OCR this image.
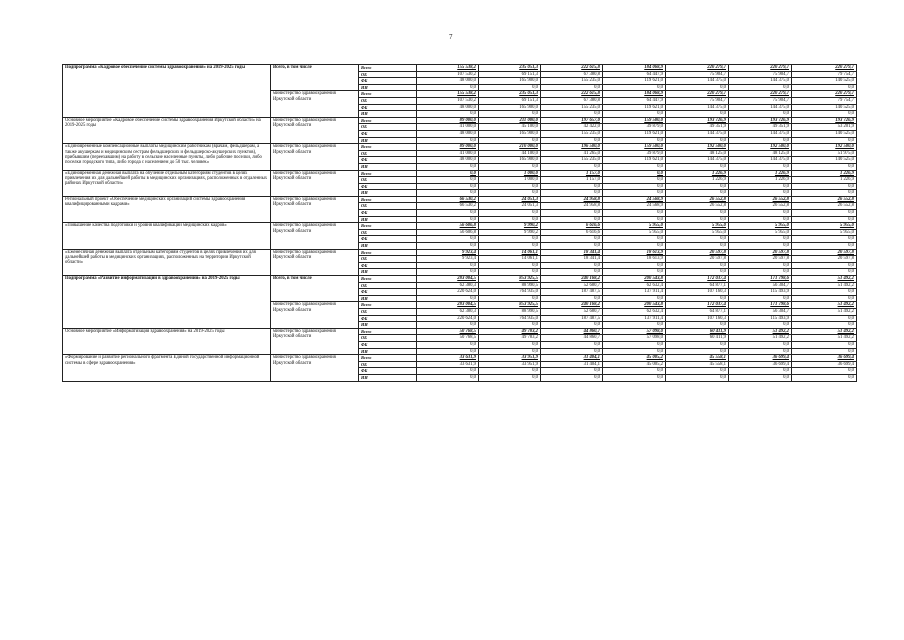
7
Подпрограмма «Кадровое обеспечение системы здравоохранения» на 2019-2025 годы	Всего, в том числе	Всего	155 538,2	235 051,3	222 615,8	184 068,9	220 279,7	220 279,7	220 279,7
		ОБ	107 530,2	69 151,3	67 380,8	64 447,9	75 904,7	75 904,7	79 754,7
		ФБ	48 000,0	165 900,0	155 235,0	119 621,0	144 375,0	144 375,0	140 525,0
		ИИ	0,0	0,0	0,0	0,0	0,0	0,0	0,0
	министерство здравоохранения Иркутской области	Всего	155 538,2	235 051,3	222 615,8	184 068,9	220 279,7	220 279,7	220 279,7
		ОБ	107 530,2	69 151,3	67 380,8	64 447,9	75 904,7	75 904,7	79 754,7
		ФБ	48 000,0	165 900,0	155 235,0	119 621,0	144 375,0	144 375,0	140 525,0
		ИИ	0,0	0,0	0,0	0,0	0,0	0,0	0,0
Основное мероприятие «Кадровое обеспечение системы здравоохранения Иркутской области» на 2019-2025 годы	министерство здравоохранения Иркутской области	Всего	89 000,0	211 000,0	197 657,0	159 500,0	193 726,9	193 726,9	193 726,9
		ОБ	41 000,0	45 100,0	42 422,0	39 879,0	49 351,9	49 351,9	53 201,9
		ФБ	48 000,0	165 900,0	155 235,0	119 621,0	144 375,0	144 375,0	140 525,0
		ИИ	0,0	0,0	0,0	0,0	0,0	0,0	0,0
«Единовременные компенсационные выплаты медицинским работникам (врачам, фельдшерам, а также акушеркам и медицинским сестрам фельдшерских и фельдшерско-акушерских пунктов), прибывшим (переехавшим) на работу в сельские населенные пункты, либо рабочие поселки, либо поселки городского типа, либо города с населением до 50 тыс. человек»	министерство здравоохранения Иркутской области	Всего	89 000,0	210 000,0	196 500,0	159 500,0	192 500,0	192 500,0	192 500,0
		ОБ	41 000,0	44 100,0	41 265,0	39 879,0	48 125,0	48 125,0	51 975,0
		ФБ	48 000,0	165 900,0	155 235,0	119 621,0	144 375,0	144 375,0	140 525,0
		ИИ	0,0	0,0	0,0	0,0	0,0	0,0	0,0
«Единовременная денежная выплата на обучение отдельным категориям студентов в целях привлечения их для дальнейшей работы в медицинских организациях, расположенных в отдаленных районах Иркутской области»	министерство здравоохранения Иркутской области	Всего	0,0	1 000,0	1 157,0	0,0	1 226,9	1 226,9	1 226,9
		ОБ	0,0	1 000,0	1 157,0	0,0	1 226,9	1 226,9	1 226,9
		ФБ	0,0	0,0	0,0	0,0	0,0	0,0	0,0
		ИИ	0,0	0,0	0,0	0,0	0,0	0,0	0,0
Региональный проект «Обеспечение медицинских организаций системы здравоохранения квалифицированными кадрами»	министерство здравоохранения Иркутской области	Всего	66 530,2	24 051,3	24 958,8	24 568,9	26 552,8	26 552,8	26 552,8
		ОБ	66 530,2	24 051,3	24 958,8	24 568,9	26 552,8	26 552,8	26 552,8
		ФБ	0,0	0,0	0,0	0,0	0,0	0,0	0,0
		ИИ	0,0	0,0	0,0	0,0	0,0	0,0	0,0
«Повышение качества подготовки и уровня квалификации медицинских кадров»	министерство здравоохранения Иркутской области	Всего	56 606,8	9 990,2	6 616,6	5 955,0	5 955,0	5 955,0	5 955,0
		ОБ	56 606,8	9 990,2	6 616,6	5 955,0	5 955,0	5 955,0	5 955,0
		ФБ	0,0	0,0	0,0	0,0	0,0	0,0	0,0
		ИИ	0,0	0,0	0,0	0,0	0,0	0,0	0,0
«Ежемесячная денежная выплата отдельным категориям студентов в целях привлечения их для дальнейшей работы в медицинских организациях, расположенных на территории Иркутской области»	министерство здравоохранения Иркутской области	Всего	9 923,4	14 061,1	18 341,4	18 613,9	20 597,8	20 597,8	20 597,8
		ОБ	9 923,4	14 061,1	18 341,4	18 613,9	20 597,8	20 597,8	20 597,8
		ФБ	0,0	0,0	0,0	0,0	0,0	0,0	0,0
		ИИ	0,0	0,0	0,0	0,0	0,0	0,0	0,0
Подпрограмма «Развитие информатизации в здравоохранении» на 2019-2025 годы	Всего, в том числе	Всего	283 004,5	853 925,5	240 168,2	200 543,8	172 037,4	171 798,6	51 492,2
		ОБ	62 380,3	88 990,5	52 680,7	62 632,4	64 877,1	56 304,7	51 492,2
		ФБ	220 624,0	764 935,0	187 487,5	137 911,4	107 160,3	115 493,9	0,0
		ИИ	0,0	0,0	0,0	0,0	0,0	0,0	0,0
	министерство здравоохранения Иркутской области	Всего	283 004,5	853 925,5	240 168,2	200 543,8	172 037,4	171 798,6	51 492,2
		ОБ	62 380,3	88 990,5	52 680,7	62 632,4	64 877,1	56 304,7	51 492,2
		ФБ	220 624,0	764 935,0	187 487,5	137 911,4	107 160,3	115 493,9	0,0
		ИИ	0,0	0,0	0,0	0,0	0,0	0,0	0,0
Основное мероприятие «Информатизация здравоохранения» на 2019-2025 годы	министерство здравоохранения Иркутской области	Всего	50 768,5	49 783,2	44 860,7	57 098,0	60 411,9	51 492,2	51 492,2
		ОБ	50 768,5	49 783,2	44 860,7	57 098,0	60 411,9	51 492,2	51 492,2
		ФБ	0,0	0,0	0,0	0,0	0,0	0,0	0,0
		ИИ	0,0	0,0	0,0	0,0	0,0	0,0	0,0
«Формирование и развитие регионального фрагмента Единой государственной информационной системы в сфере здравоохранения»	министерство здравоохранения Иркутской области	Всего	33 631,9	33 951,9	31 404,1	45 005,2	45 558,1	36 699,4	36 699,4
		ОБ	33 631,9	33 951,9	31 404,1	45 005,2	45 558,1	36 699,4	36 699,4
		ФБ	0,0	0,0	0,0	0,0	0,0	0,0	0,0
		ИИ	0,0	0,0	0,0	0,0	0,0	0,0	0,0
